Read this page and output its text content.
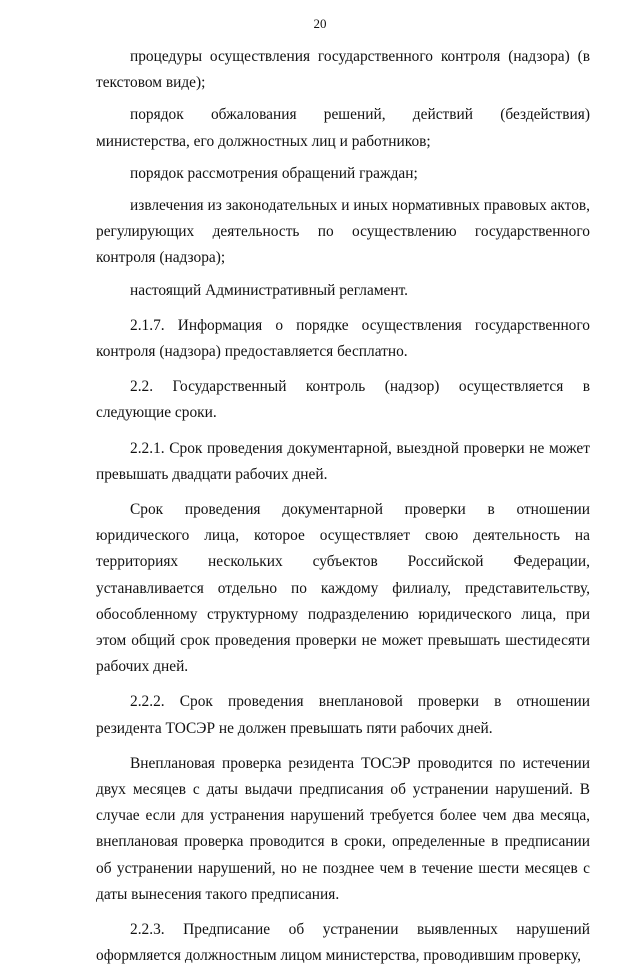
20

процедуры осуществления государственного контроля (надзора) (в текстовом виде);

порядок обжалования решений, действий (бездействия) министерства, его должностных лиц и работников;

порядок рассмотрения обращений граждан;

извлечения из законодательных и иных нормативных правовых актов, регулирующих деятельность по осуществлению государственного контроля (надзора);

настоящий Административный регламент.

2.1.7. Информация о порядке осуществления государственного контроля (надзора) предоставляется бесплатно.

2.2. Государственный контроль (надзор) осуществляется в следующие сроки.

2.2.1. Срок проведения документарной, выездной проверки не может превышать двадцати рабочих дней.

Срок проведения документарной проверки в отношении юридического лица, которое осуществляет свою деятельность на территориях нескольких субъектов Российской Федерации, устанавливается отдельно по каждому филиалу, представительству, обособленному структурному подразделению юридического лица, при этом общий срок проведения проверки не может превышать шестидесяти рабочих дней.

2.2.2. Срок проведения внеплановой проверки в отношении резидента ТОСЭР не должен превышать пяти рабочих дней.

Внеплановая проверка резидента ТОСЭР проводится по истечении двух месяцев с даты выдачи предписания об устранении нарушений. В случае если для устранения нарушений требуется более чем два месяца, внеплановая проверка проводится в сроки, определенные в предписании об устранении нарушений, но не позднее чем в течение шести месяцев с даты вынесения такого предписания.

2.2.3. Предписание об устранении выявленных нарушений оформляется должностным лицом министерства, проводившим проверку,
